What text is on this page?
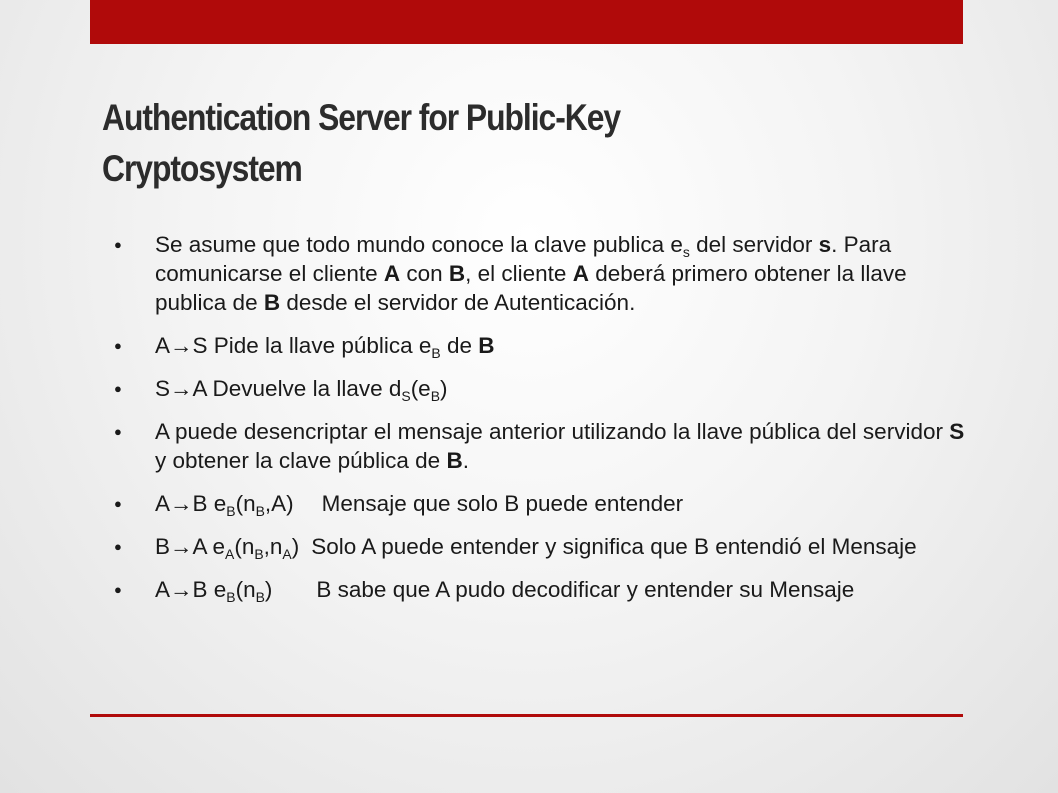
Authentication Server for Public-Key
Cryptosystem
● Se asume que todo mundo conoce la clave publica $e_s$ del servidor s. Para comunicarse el cliente A con B, el cliente A deberá primero obtener la llave publica de B desde el servidor de Autenticación.
● A→S Pide la llave pública $e_B$ de B
● S→A Devuelve la llave $d_S(e_B)$
● A puede desencriptar el mensaje anterior utilizando la llave pública del servidor S y obtener la clave pública de B.
● A→B $e_B(n_B,A)$ Mensaje que solo B puede entender
● B→A $e_A(n_B,n_A)$ Solo A puede entender y significa que B entendió el Mensaje
● A→B $e_B(n_B)$ B sabe que A pudo decodificar y entender su Mensaje
